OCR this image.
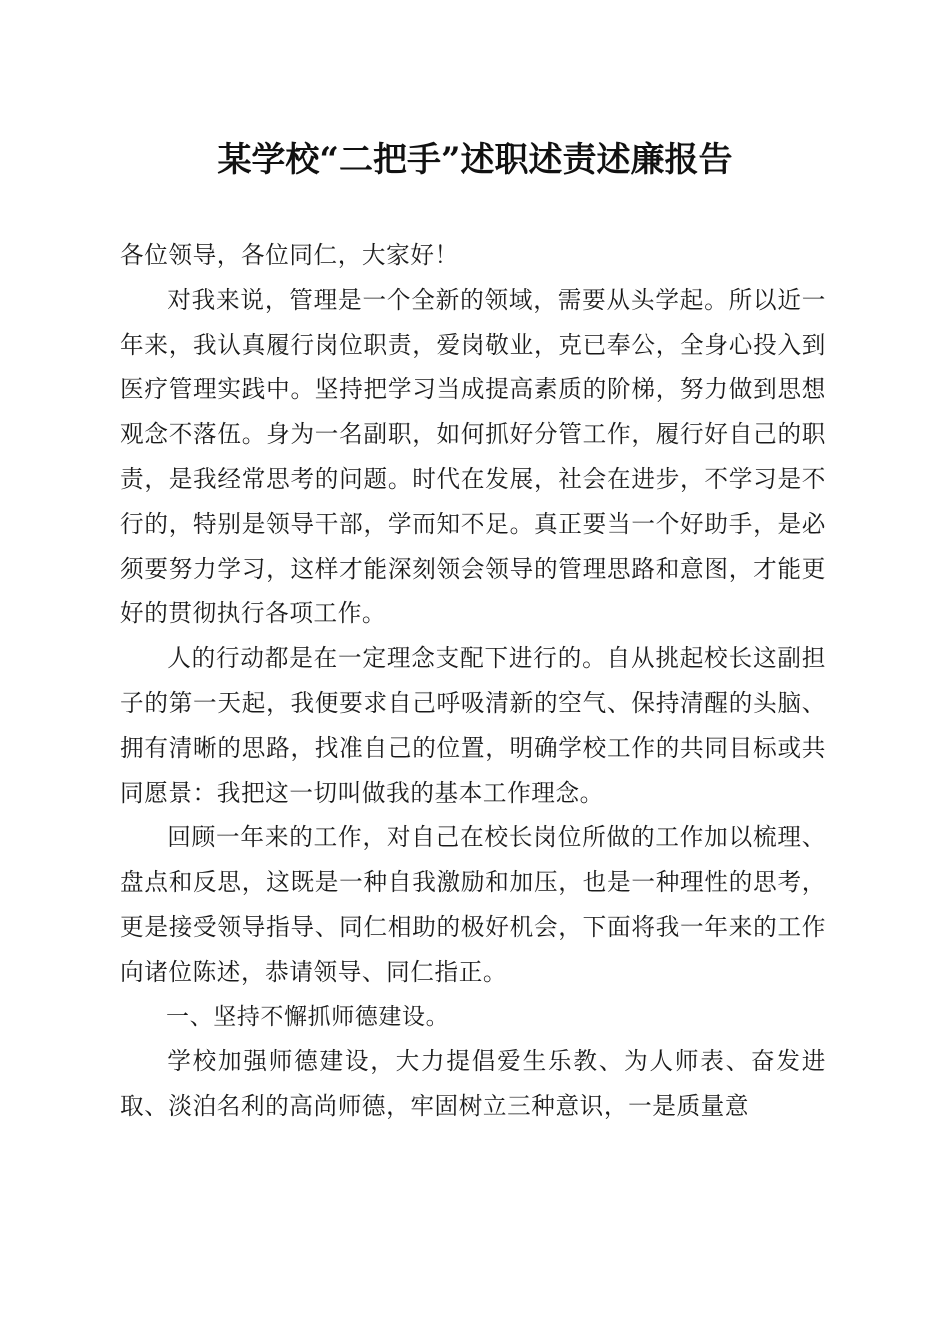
某学校“二把手”述职述责述廉报告

各位领导，各位同仁，大家好！

对我来说，管理是一个全新的领域，需要从头学起。所以近一年来，我认真履行岗位职责，爱岗敬业，克已奉公，全身心投入到医疗管理实践中。坚持把学习当成提高素质的阶梯，努力做到思想观念不落伍。身为一名副职，如何抓好分管工作，履行好自己的职责，是我经常思考的问题。时代在发展，社会在进步，不学习是不行的，特别是领导干部，学而知不足。真正要当一个好助手，是必须要努力学习，这样才能深刻领会领导的管理思路和意图，才能更好的贯彻执行各项工作。

人的行动都是在一定理念支配下进行的。自从挑起校长这副担子的第一天起，我便要求自己呼吸清新的空气、保持清醒的头脑、拥有清晰的思路，找准自己的位置，明确学校工作的共同目标或共同愿景：我把这一切叫做我的基本工作理念。

回顾一年来的工作，对自己在校长岗位所做的工作加以梳理、盘点和反思，这既是一种自我激励和加压，也是一种理性的思考，更是接受领导指导、同仁相助的极好机会，下面将我一年来的工作向诸位陈述，恭请领导、同仁指正。

一、坚持不懈抓师德建设。

学校加强师德建设，大力提倡爱生乐教、为人师表、奋发进取、淡泊名利的高尚师德，牢固树立三种意识，一是质量意
